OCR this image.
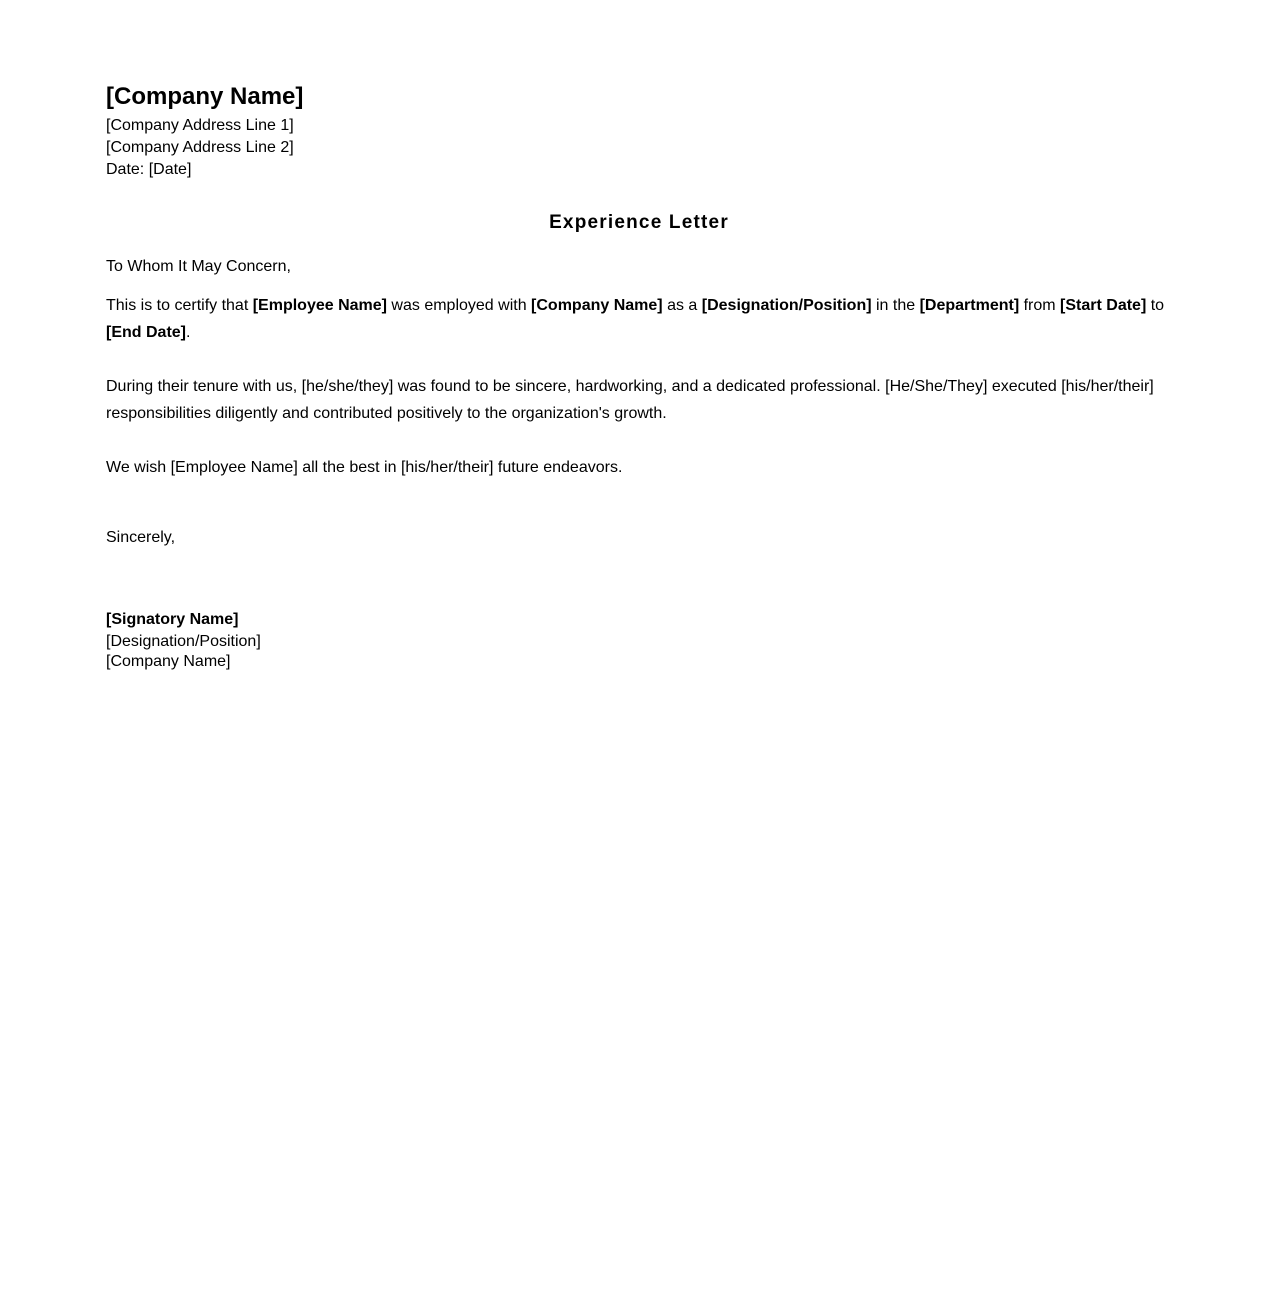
[Company Name]
[Company Address Line 1]
[Company Address Line 2]
Date: [Date]
Experience Letter
To Whom It May Concern,
This is to certify that [Employee Name] was employed with [Company Name] as a [Designation/Position] in the [Department] from [Start Date] to [End Date].
During their tenure with us, [he/she/they] was found to be sincere, hardworking, and a dedicated professional. [He/She/They] executed [his/her/their] responsibilities diligently and contributed positively to the organization's growth.
We wish [Employee Name] all the best in [his/her/their] future endeavors.
Sincerely,
[Signatory Name]
[Designation/Position]
[Company Name]
